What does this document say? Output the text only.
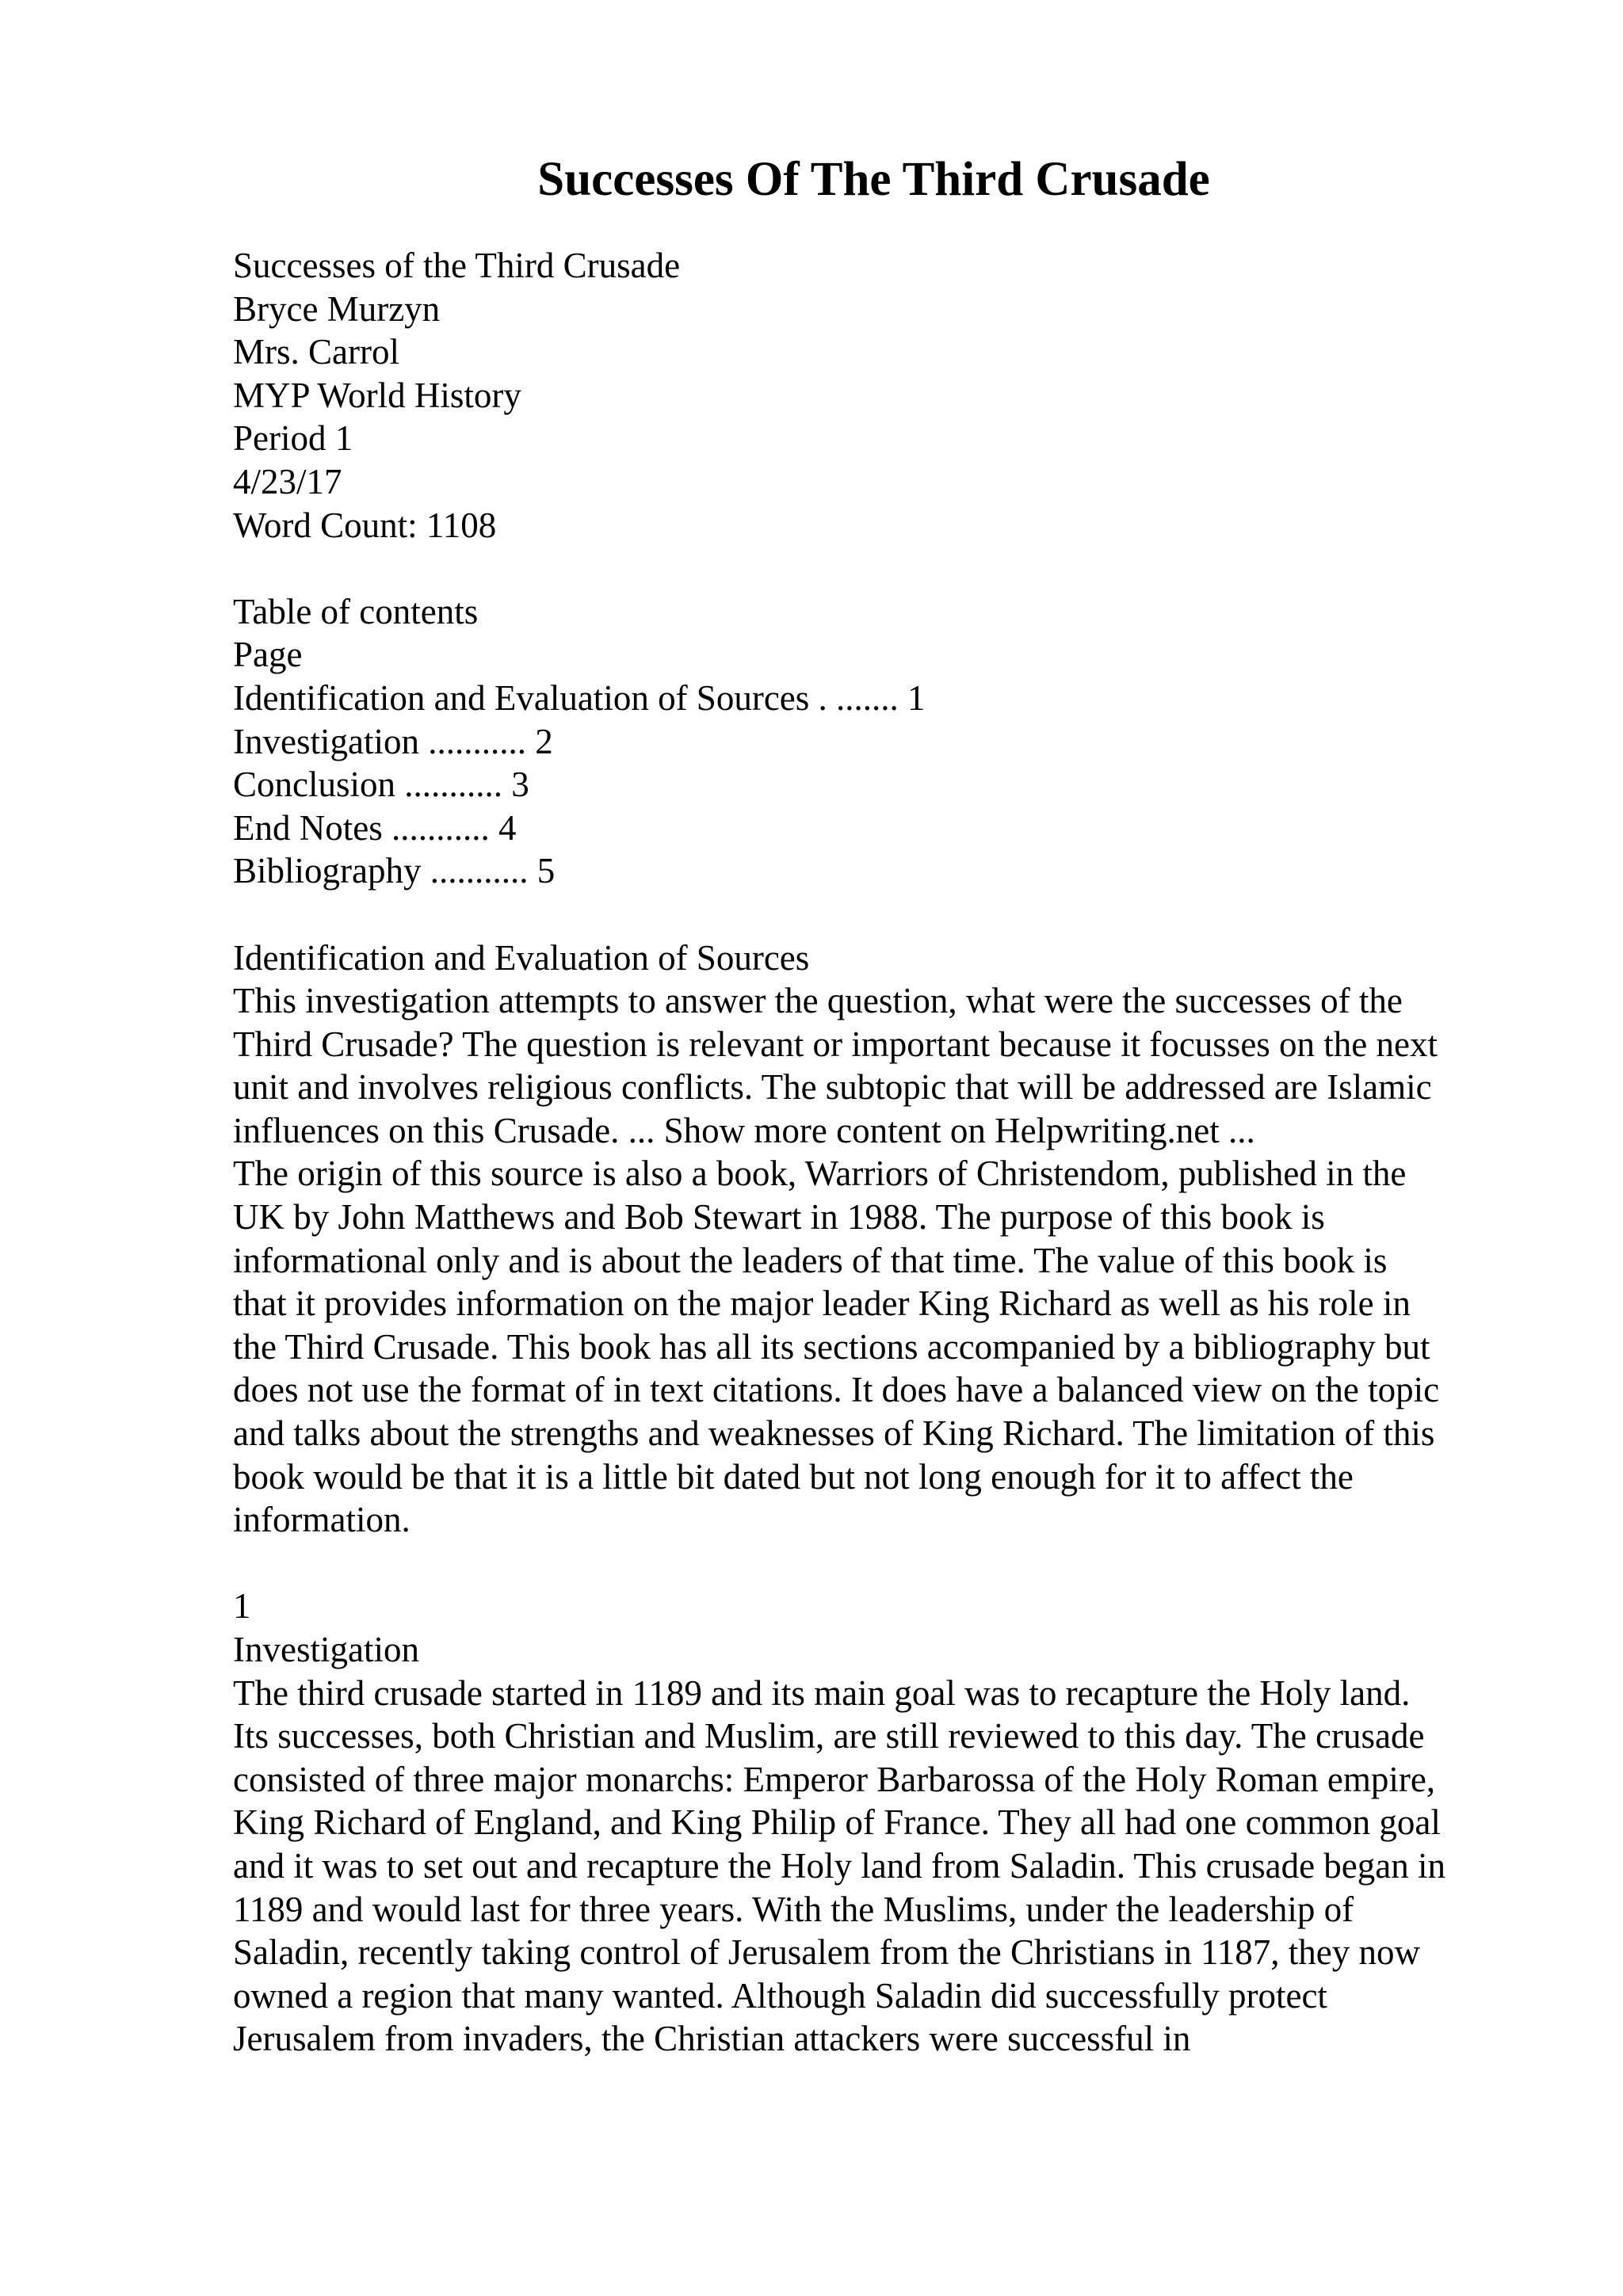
Successes Of The Third Crusade
Successes of the Third Crusade
Bryce Murzyn
Mrs. Carrol
MYP World History
Period 1
4/23/17
Word Count: 1108
Table of contents
Page
Identification and Evaluation of Sources . ....... 1
Investigation ........... 2
Conclusion ........... 3
End Notes ........... 4
Bibliography ........... 5
Identification and Evaluation of Sources
This investigation attempts to answer the question, what were the successes of the
Third Crusade? The question is relevant or important because it focusses on the next
unit and involves religious conflicts. The subtopic that will be addressed are Islamic
influences on this Crusade. ... Show more content on Helpwriting.net ...
The origin of this source is also a book, Warriors of Christendom, published in the
UK by John Matthews and Bob Stewart in 1988. The purpose of this book is
informational only and is about the leaders of that time. The value of this book is
that it provides information on the major leader King Richard as well as his role in
the Third Crusade. This book has all its sections accompanied by a bibliography but
does not use the format of in text citations. It does have a balanced view on the topic
and talks about the strengths and weaknesses of King Richard. The limitation of this
book would be that it is a little bit dated but not long enough for it to affect the
information.
1
Investigation
The third crusade started in 1189 and its main goal was to recapture the Holy land.
Its successes, both Christian and Muslim, are still reviewed to this day. The crusade
consisted of three major monarchs: Emperor Barbarossa of the Holy Roman empire,
King Richard of England, and King Philip of France. They all had one common goal
and it was to set out and recapture the Holy land from Saladin. This crusade began in
1189 and would last for three years. With the Muslims, under the leadership of
Saladin, recently taking control of Jerusalem from the Christians in 1187, they now
owned a region that many wanted. Although Saladin did successfully protect
Jerusalem from invaders, the Christian attackers were successful in
